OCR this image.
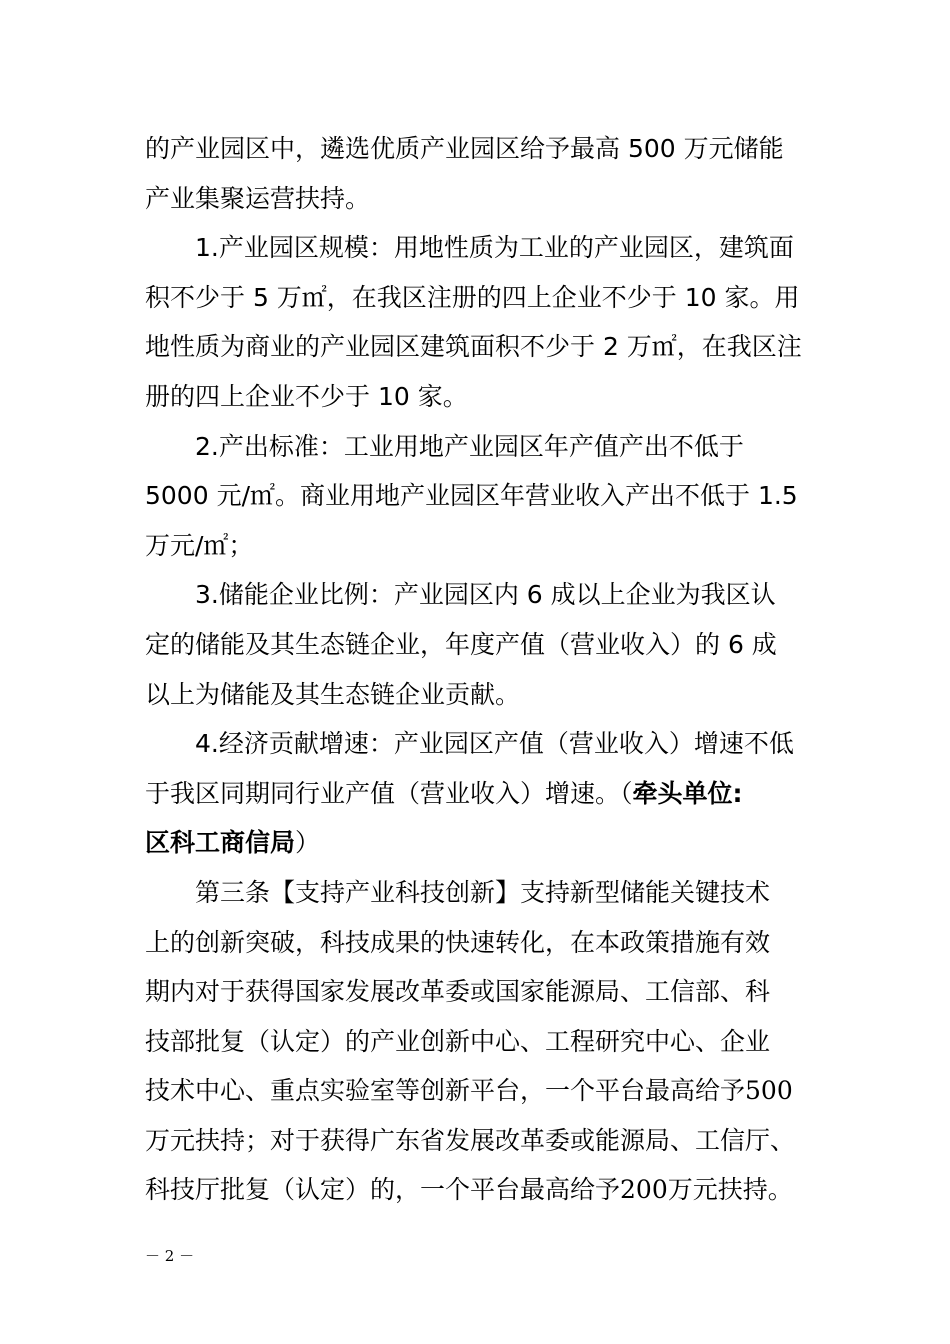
的产业园区中，遴选优质产业园区给予最高 500 万元储能
产业集聚运营扶持。
1.产业园区规模：用地性质为工业的产业园区，建筑面
积不少于 5 万㎡，在我区注册的四上企业不少于 10 家。用
地性质为商业的产业园区建筑面积不少于 2 万㎡，在我区注
册的四上企业不少于 10 家。
2.产出标准：工业用地产业园区年产值产出不低于
5000 元/㎡。商业用地产业园区年营业收入产出不低于 1.5
万元/㎡；
3.储能企业比例：产业园区内 6 成以上企业为我区认
定的储能及其生态链企业，年度产值（营业收入）的 6 成
以上为储能及其生态链企业贡献。
4.经济贡献增速：产业园区产值（营业收入）增速不低
于我区同期同行业产值（营业收入）增速。（牵头单位:
区科工商信局）
第三条【支持产业科技创新】支持新型储能关键技术
上的创新突破，科技成果的快速转化，在本政策措施有效
期内对于获得国家发展改革委或国家能源局、工信部、科
技部批复（认定）的产业创新中心、工程研究中心、企业
技术中心、重点实验室等创新平台，一个平台最高给予500
万元扶持；对于获得广东省发展改革委或能源局、工信厅、
科技厅批复（认定）的，一个平台最高给予200万元扶持。
－ 2 －
